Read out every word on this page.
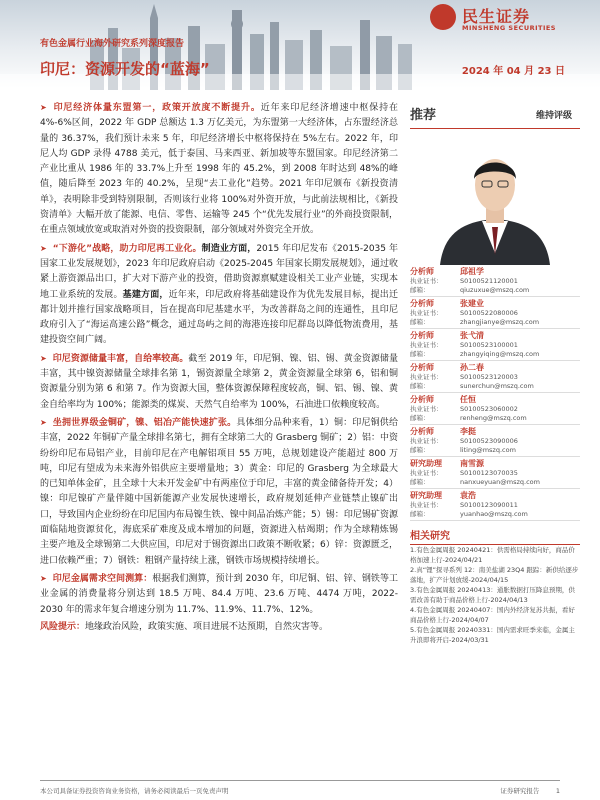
民生证券
MINSHENG SECURITIES
有色金属行业海外研究系列深度报告
印尼：资源开发的“蓝海”	2024 年 04 月 23 日

➤ 印尼经济体量东盟第一，政策开放度不断提升。近年来印尼经济增速中枢保持在 4%-6%区间，2022 年 GDP 总额达 1.3 万亿美元，为东盟第一大经济体，占东盟经济总量的 36.37%，我们预计未来 5 年，印尼经济增长中枢将保持在 5%左右。2022 年，印尼人均 GDP 录得 4788 美元，低于泰国、马来西亚、新加坡等东盟国家。印尼经济第二产业比重从 1986 年的 33.7%上升至 1998 年的 45.2%，到 2008 年时达到 48%的峰值，随后降至 2023 年的 40.2%，呈现“去工业化”趋势。2021 年印尼颁布《新投资清单》，表明除非受到特别限制，否则该行业将 100%对外资开放，与此前法规相比，《新投资清单》大幅开放了能源、电信、零售、运输等 245 个“优先发展行业”的外商投资限制，在重点领域放宽或取消对外资的投资限制，部分领域对外资完全开放。

➤ “下游化”战略，助力印尼再工业化。制造业方面，2015 年印尼发布《2015-2035 年国家工业发展规划》，2023 年印尼政府启动《2025-2045 年国家长期发展规划》，通过收紧上游资源品出口，扩大对下游产业的投资，借助资源禀赋建设相关工业产业链，实现本地工业系统的发展。基建方面，近年来，印尼政府将基础建设作为优先发展目标，提出迁都计划并推行国家战略项目，旨在提高印尼基建水平，为改善群岛之间的连通性，且印尼政府引入了“海运高速公路”概念，通过岛屿之间的海港连接印尼群岛以降低物流费用，基建投资空间广阔。

➤ 印尼资源储量丰富，自给率较高。截至 2019 年，印尼铜、镍、铝、锡、黄金资源储量丰富，其中镍资源储量全球排名第 1，锡资源量全球第 2，黄金资源量全球第 6，铝和铜资源量分别为第 6 和第 7。作为资源大国，整体资源保障程度较高，铜、铝、锡、镍、黄金自给率均为 100%；能源类的煤炭、天然气自给率为 100%，石油进口依赖度较高。

➤ 坐拥世界级金铜矿，镍、铝冶产能快速扩张。具体细分品种来看，1）铜：印尼铜供给丰富，2022 年铜矿产量全球排名第七，拥有全球第二大的 Grasberg 铜矿；2）铝：中资纷纷印尼布局铝产业，目前印尼在产电解铝项目 55 万吨，总规划建设产能超过 800 万吨，印尼有望成为未来海外铝供应主要增量地；3）黄金：印尼的 Grasberg 为全球最大的已知单体金矿，且全球十大未开发金矿中有两座位于印尼，丰富的黄金储备待开发；4）镍：印尼镍矿产量伴随中国新能源产业发展快速增长，政府规划延伸产业链禁止镍矿出口，导致国内企业纷纷在印尼国内布局镍生铁、镍中间品冶炼产能；5）锡：印尼锡矿资源面临陆地资源贫化，海底采矿难度及成本增加的问题，资源进入枯竭期；作为全球精炼锡主要产地及全球锡第二大供应国，印尼对于锡资源出口政策不断收紧；6）锌：资源匮乏，进口依赖严重；7）钢铁：粗钢产量持续上涨，钢铁市场规模持续增长。

➤ 印尼金属需求空间测算：根据我们测算，预计到 2030 年，印尼铜、铝、锌、钢铁等工业金属的消费量将分别达到 18.5 万吨、84.4 万吨、23.6 万吨、4474 万吨，2022-2030 年的需求年复合增速分别为 11.7%、11.9%、11.7%、12%。

风险提示：地缘政治风险，政策实施、项目进展不达预期，自然灾害等。
推荐	维持评级
分析师	邱祖学
执业证书：	S0100521120001
邮箱：	qiuzuxue@mszq.com
分析师	张建业
执业证书：	S0100522080006
邮箱：	zhangjianye@mszq.com
分析师	张弋清
执业证书：	S0100523100001
邮箱：	zhangyiqing@mszq.com
分析师	孙二春
执业证书：	S0100523120003
邮箱：	sunerchun@mszq.com
分析师	任恒
执业证书：	S0100523060002
邮箱：	renheng@mszq.com
分析师	李挺
执业证书：	S0100523090006
邮箱：	liting@mszq.com
研究助理	南雪源
执业证书：	S0100123070035
邮箱：	nanxueyuan@mszq.com
研究助理	袁浩
执业证书：	S0100123090011
邮箱：	yuanhao@mszq.com
相关研究
1.有色金属周报 20240421：供需格局持续向好，商品价格加速上行-2024/04/21
2.真“锂”探寻系列 12：南美盐湖 23Q4 跟踪：新供给逐步落地，扩产计划放缓-2024/04/15
3.有色金属周报 20240413：通胀数据打压降息预期，供需改善有助于商品价格上行-2024/04/13
4.有色金属周报 20240407：国内外经济复苏共振，看好商品价格上行-2024/04/07
5.有色金属周报 20240331：国内需求旺季来临，金属主升浪即将开启-2024/03/31
本公司具备证券投资咨询业务资格，请务必阅读最后一页免责声明	证券研究报告	1
